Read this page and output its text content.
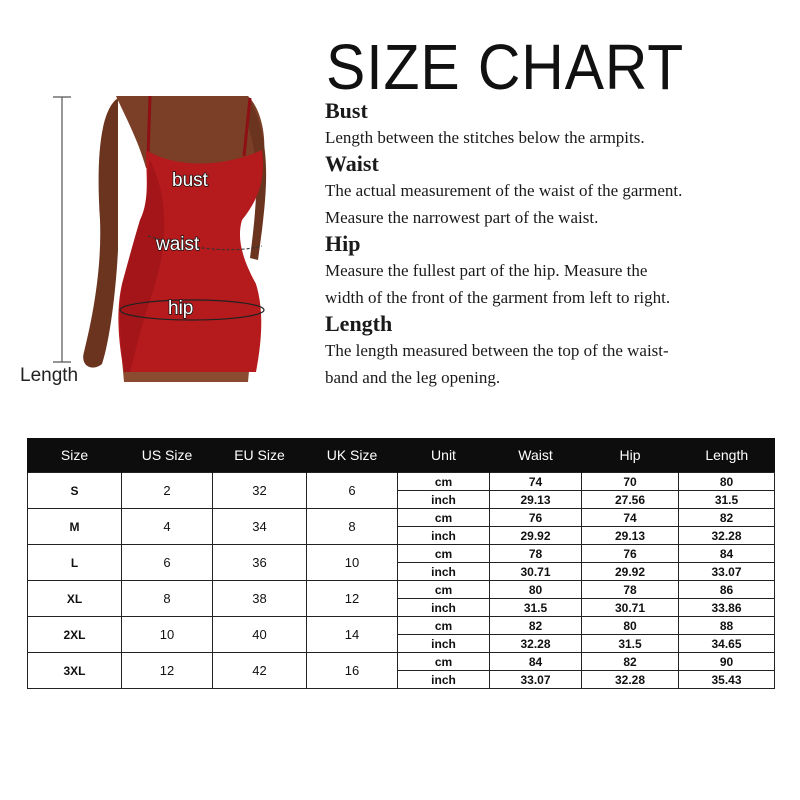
SIZE CHART
bust
waist
hip
Length
Bust
Length between the stitches below the armpits.
Waist
The actual measurement of the waist of the garment.
Measure the narrowest part of the waist.
Hip
Measure the fullest part of the hip. Measure the
width of the front of the garment from left to right.
Length
The length measured between the top of the waist-
band and the leg opening.
Size	US Size	EU Size	UK Size	Unit	Waist	Hip	Length
S	2	32	6	cm	74	70	80
				inch	29.13	27.56	31.5
M	4	34	8	cm	76	74	82
				inch	29.92	29.13	32.28
L	6	36	10	cm	78	76	84
				inch	30.71	29.92	33.07
XL	8	38	12	cm	80	78	86
				inch	31.5	30.71	33.86
2XL	10	40	14	cm	82	80	88
				inch	32.28	31.5	34.65
3XL	12	42	16	cm	84	82	90
				inch	33.07	32.28	35.43
